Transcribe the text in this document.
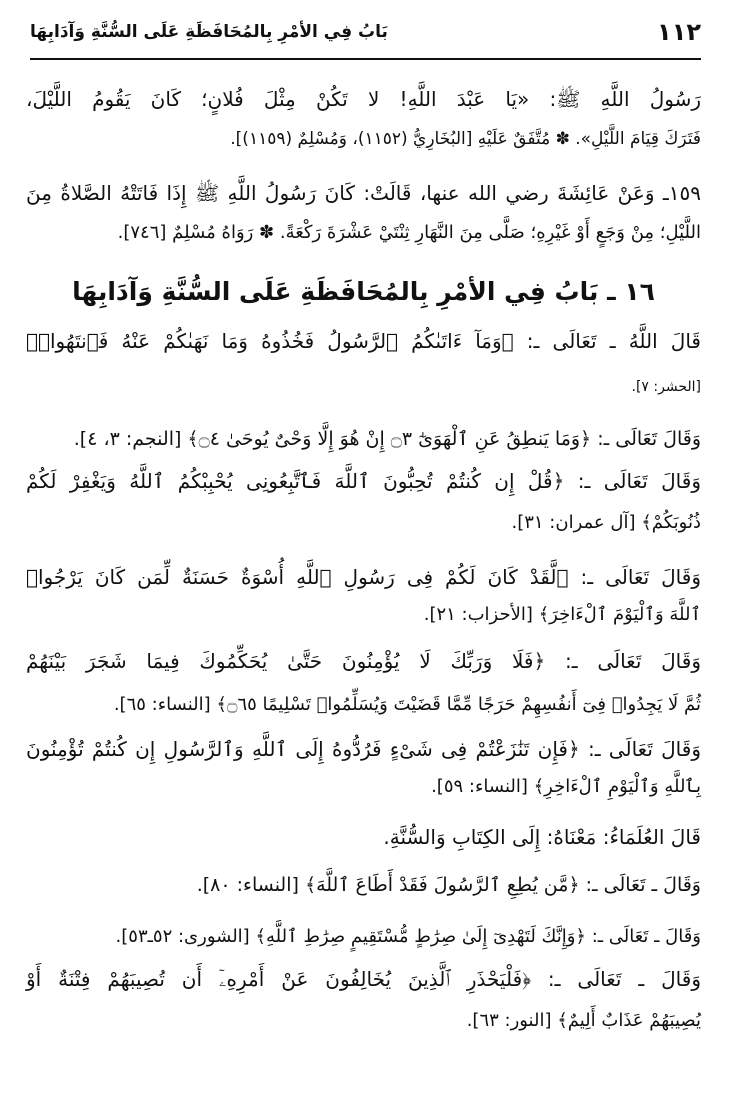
١١٢
بَابُ فِي الأمْرِ بِالمُحَافَظَةِ عَلَى السُّنَّةِ وَآدَابِهَا
رَسُولُ اللَّهِ ﷺ: «يَا عَبْدَ اللَّهِ! لا تَكُنْ مِثْلَ فُلانٍ؛ كَانَ يَقُومُ اللَّيْلَ،
فَتَرَكَ قِيَامَ اللَّيْلِ». ✽ مُتَّفَقٌ عَلَيْهِ [البُخَارِيُّ (١١٥٢)، وَمُسْلِمٌ (١١٥٩)].
١٥٩ـ وَعَنْ عَائِشَةَ رضي الله عنها، قَالَتْ: كَانَ رَسُولُ اللَّهِ ﷺ إِذَا فَاتَتْهُ الصَّلاةُ مِنَ
اللَّيْلِ؛ مِنْ وَجَعٍ أَوْ غَيْرِهِ؛ صَلَّى مِنَ النَّهَارِ ثِنْتَيْ عَشْرَةَ رَكْعَةً. ✽ رَوَاهُ مُسْلِمٌ [٧٤٦].
١٦ ـ بَابُ فِي الأمْرِ بِالمُحَافَظَةِ عَلَى السُّنَّةِ وَآدَابِهَا
قَالَ اللَّهُ ـ تَعَالَى ـ: ﴿وَمَآ ءَاتَىٰكُمُ ٱلرَّسُولُ فَخُذُوهُ وَمَا نَهَىٰكُمْ عَنْهُ فَٱنتَهُوا۟﴾
[الحشر: ٧].
وَقَالَ تَعَالَى ـ: ﴿وَمَا يَنطِقُ عَنِ ٱلْهَوَىٰٓ ۝٣ إِنْ هُوَ إِلَّا وَحْىٌ يُوحَىٰ ۝٤﴾ [النجم: ٣، ٤].
وَقَالَ تَعَالَى ـ: ﴿قُلْ إِن كُنتُمْ تُحِبُّونَ ٱللَّهَ فَٱتَّبِعُونِى يُحْبِبْكُمُ ٱللَّهُ وَيَغْفِرْ لَكُمْ
ذُنُوبَكُمْ﴾ [آل عمران: ٣١].
وَقَالَ تَعَالَى ـ: ﴿لَّقَدْ كَانَ لَكُمْ فِى رَسُولِ ٱللَّهِ أُسْوَةٌ حَسَنَةٌ لِّمَن كَانَ يَرْجُوا۟
ٱللَّهَ وَٱلْيَوْمَ ٱلْءَاخِرَ﴾ [الأحزاب: ٢١].
وَقَالَ تَعَالَى ـ: ﴿فَلَا وَرَبِّكَ لَا يُؤْمِنُونَ حَتَّىٰ يُحَكِّمُوكَ فِيمَا شَجَرَ بَيْنَهُمْ
ثُمَّ لَا يَجِدُوا۟ فِىٓ أَنفُسِهِمْ حَرَجًا مِّمَّا قَضَيْتَ وَيُسَلِّمُوا۟ تَسْلِيمًا ۝٦٥﴾ [النساء: ٦٥].
وَقَالَ تَعَالَى ـ: ﴿فَإِن تَنَٰزَعْتُمْ فِى شَىْءٍ فَرُدُّوهُ إِلَى ٱللَّهِ وَٱلرَّسُولِ إِن كُنتُمْ تُؤْمِنُونَ
بِٱللَّهِ وَٱلْيَوْمِ ٱلْءَاخِرِ﴾ [النساء: ٥٩].
قَالَ العُلَمَاءُ: مَعْنَاهُ: إِلَى الكِتَابِ وَالسُّنَّةِ.
وَقَالَ ـ تَعَالَى ـ: ﴿مَّن يُطِعِ ٱلرَّسُولَ فَقَدْ أَطَاعَ ٱللَّهَ﴾ [النساء: ٨٠].
وَقَالَ ـ تَعَالَى ـ: ﴿وَإِنَّكَ لَتَهْدِىٓ إِلَىٰ صِرَٰطٍ مُّسْتَقِيمٍ صِرَٰطِ ٱللَّهِ﴾ [الشورى: ٥٢ـ٥٣].
وَقَالَ ـ تَعَالَى ـ: ﴿فَلْيَحْذَرِ ٱلَّذِينَ يُخَالِفُونَ عَنْ أَمْرِهِۦٓ أَن تُصِيبَهُمْ فِتْنَةٌ أَوْ
يُصِيبَهُمْ عَذَابٌ أَلِيمٌ﴾ [النور: ٦٣].
